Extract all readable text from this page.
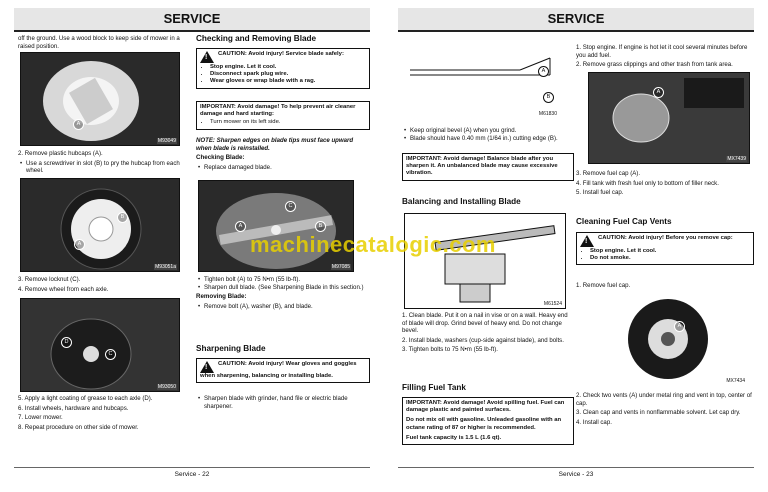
SERVICE

off the ground. Use a wood block to keep side of mower in a raised position.

A
M93049

2. Remove plastic hubcaps (A).

• Use a screwdriver in slot (B) to pry the hubcap from each wheel.
B
A
M93051a

3. Remove locknut (C).

4. Remove wheel from each axle.

D
C
M93050

5. Apply a light coating of grease to each axle (D).

6. Install wheels, hardware and hubcaps.

7. Lower mower.

8. Repeat procedure on other side of mower.

Checking and Removing Blade
!CAUTION: Avoid injury! Service blade safely:
• Stop engine. Let it cool.
• Disconnect spark plug wire.
• Wear gloves or wrap blade with a rag.
IMPORTANT: Avoid damage! To help prevent air cleaner damage and hard starting:
• Turn mower on its left side.

NOTE: Sharpen edges on blade tips must face upward when blade is reinstalled.

Checking Blade:

• Replace damaged blade.
C
A	B
M97085
• Tighten bolt (A) to 75 N•m (55 lb-ft).
• Sharpen dull blade. (See Sharpening Blade in this section.)

Removing Blade:

• Remove bolt (A), washer (B), and blade.
Sharpening Blade
!CAUTION: Avoid injury! Wear gloves and goggles when sharpening, balancing or installing blade.
• Sharpen blade with grinder, hand file or electric blade sharpener.
Service - 22
SERVICE
A
B
M61830
• Keep original bevel (A) when you grind.
• Blade should have 0.40 mm (1/64 in.) cutting edge (B).
IMPORTANT: Avoid damage! Balance blade after you sharpen it. An unbalanced blade may cause excessive vibration.
Balancing and Installing Blade
M61524

1. Clean blade. Put it on a nail in vise or on a wall. Heavy end of blade will drop. Grind bevel of heavy end. Do not change bevel.

2. Install blade, washers (cup-side against blade), and bolts.

3. Tighten bolts to 75 N•m (55 lb-ft).

Filling Fuel Tank
IMPORTANT: Avoid damage! Avoid spilling fuel. Fuel can damage plastic and painted surfaces.
Do not mix oil with gasoline. Unleaded gasoline with an octane rating of 87 or higher is recommended.
Fuel tank capacity is 1.5 L (1.6 qt).

1. Stop engine. If engine is hot let it cool several minutes before you add fuel.

2. Remove grass clippings and other trash from tank area.

A
MX7439

3. Remove fuel cap (A).

4. Fill tank with fresh fuel only to bottom of filler neck.

5. Install fuel cap.

Cleaning Fuel Cap Vents
!CAUTION: Avoid injury! Before you remove cap:
• Stop engine. Let it cool.
• Do not smoke.

1. Remove fuel cap.

A
MX7434

2. Check two vents (A) under metal ring and vent in top, center of cap.

3. Clean cap and vents in nonflammable solvent. Let cap dry.

4. Install cap.

Service - 23
machinecatalogic.com
